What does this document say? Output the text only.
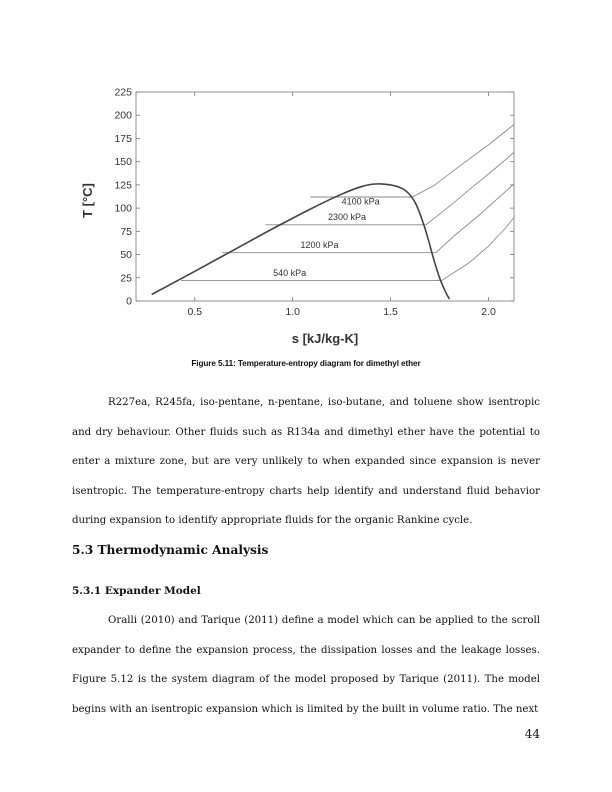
0
25
50
75
100
125
150
175
200
225
0.5	1.0	1.5	2.0
s [kJ/kg-K]
T [°C]	4100 kPa
2300 kPa
1200 kPa
540 kPa
Figure 5.11: Temperature-entropy diagram for dimethyl ether

R227ea, R245fa, iso-pentane, n-pentane, iso-butane, and toluene show isentropic and dry behaviour. Other fluids such as R134a and dimethyl ether have the potential to enter a mixture zone, but are very unlikely to when expanded since expansion is never isentropic. The temperature-entropy charts help identify and understand fluid behavior during expansion to identify appropriate fluids for the organic Rankine cycle.

5.3 Thermodynamic Analysis
5.3.1 Expander Model

Oralli (2010) and Tarique (2011) define a model which can be applied to the scroll expander to define the expansion process, the dissipation losses and the leakage losses. Figure 5.12 is the system diagram of the model proposed by Tarique (2011). The model begins with an isentropic expansion which is limited by the built in volume ratio. The next

44
